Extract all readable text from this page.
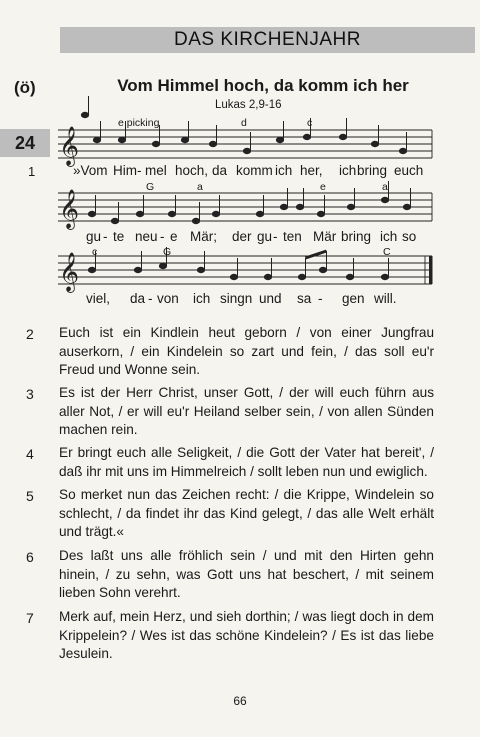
DAS KIRCHENJAHR
(ö)	Vom Himmel hoch, da komm ich her
Lukas 2,9-16
24 𝄞
𝄞
𝄞
1
e picking	d	c
G	a	e	a
c	G	C
»Vom Him- mel hoch, da komm ich her, ich bring euch
gu - te neu - e Mär; der gu - ten Mär bring ich so
viel, da - von ich singn und sa - gen will.
2 Euch ist ein Kindlein heut geborn / von einer Jungfrau auserkorn, / ein Kindelein so zart und fein, / das soll eu'r Freud und Wonne sein.
3 Es ist der Herr Christ, unser Gott, / der will euch führn aus aller Not, / er will eu'r Heiland selber sein, / von allen Sünden machen rein.
4 Er bringt euch alle Seligkeit, / die Gott der Vater hat bereit', / daß ihr mit uns im Himmelreich / sollt leben nun und ewiglich.
5 So merket nun das Zeichen recht: / die Krippe, Windelein so schlecht, / da findet ihr das Kind gelegt, / das alle Welt erhält und trägt.«
6 Des laßt uns alle fröhlich sein / und mit den Hirten gehn hinein, / zu sehn, was Gott uns hat beschert, / mit seinem lieben Sohn verehrt.
7 Merk auf, mein Herz, und sieh dorthin; / was liegt doch in dem Krippelein? / Wes ist das schöne Kindelein? / Es ist das liebe Jesulein.
66
